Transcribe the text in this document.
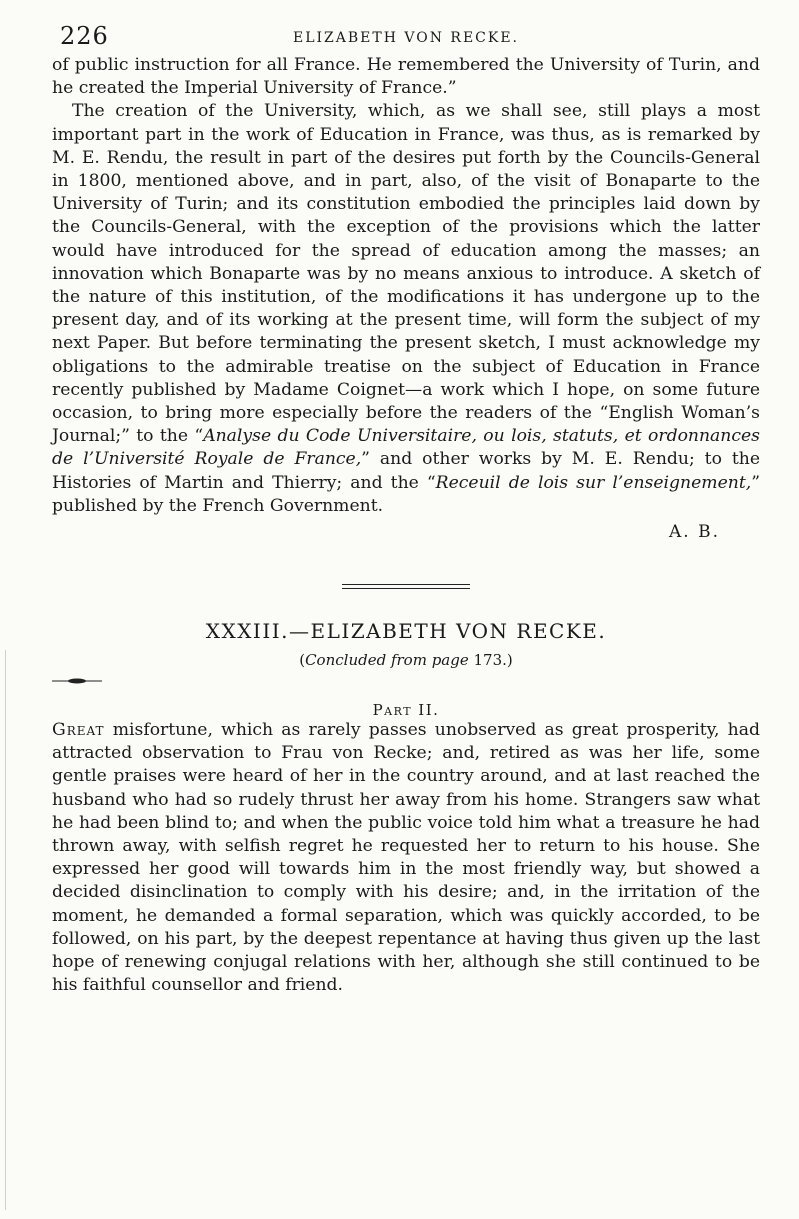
226	ELIZABETH VON RECKE.

of public instruction for all France. He remembered the University of Turin, and he created the Imperial University of France.”

The creation of the University, which, as we shall see, still plays a most important part in the work of Education in France, was thus, as is remarked by M. E. Rendu, the result in part of the desires put forth by the Councils-General in 1800, mentioned above, and in part, also, of the visit of Bonaparte to the University of Turin; and its constitution embodied the principles laid down by the Councils-General, with the exception of the provisions which the latter would have introduced for the spread of education among the masses; an innovation which Bonaparte was by no means anxious to introduce. A sketch of the nature of this institution, of the modifications it has undergone up to the present day, and of its working at the present time, will form the subject of my next Paper. But before terminating the present sketch, I must acknowledge my obligations to the admirable treatise on the subject of Education in France recently published by Madame Coignet—a work which I hope, on some future occasion, to bring more especially before the readers of the “English Woman’s Journal;” to the “Analyse du Code Universitaire, ou lois, statuts, et ordonnances de l’Université Royale de France,” and other works by M. E. Rendu; to the Histories of Martin and Thierry; and the “Receuil de lois sur l’enseignement,” published by the French Government.

A. B.
XXXIII.—ELIZABETH VON RECKE.
(Concluded from page 173.)
Part II.

Great misfortune, which as rarely passes unobserved as great prosperity, had attracted observation to Frau von Recke; and, retired as was her life, some gentle praises were heard of her in the country around, and at last reached the husband who had so rudely thrust her away from his home. Strangers saw what he had been blind to; and when the public voice told him what a treasure he had thrown away, with selfish regret he requested her to return to his house. She expressed her good will towards him in the most friendly way, but showed a decided disinclination to comply with his desire; and, in the irritation of the moment, he demanded a formal separation, which was quickly accorded, to be followed, on his part, by the deepest repentance at having thus given up the last hope of renewing conjugal relations with her, although she still continued to be his faithful counsellor and friend.
